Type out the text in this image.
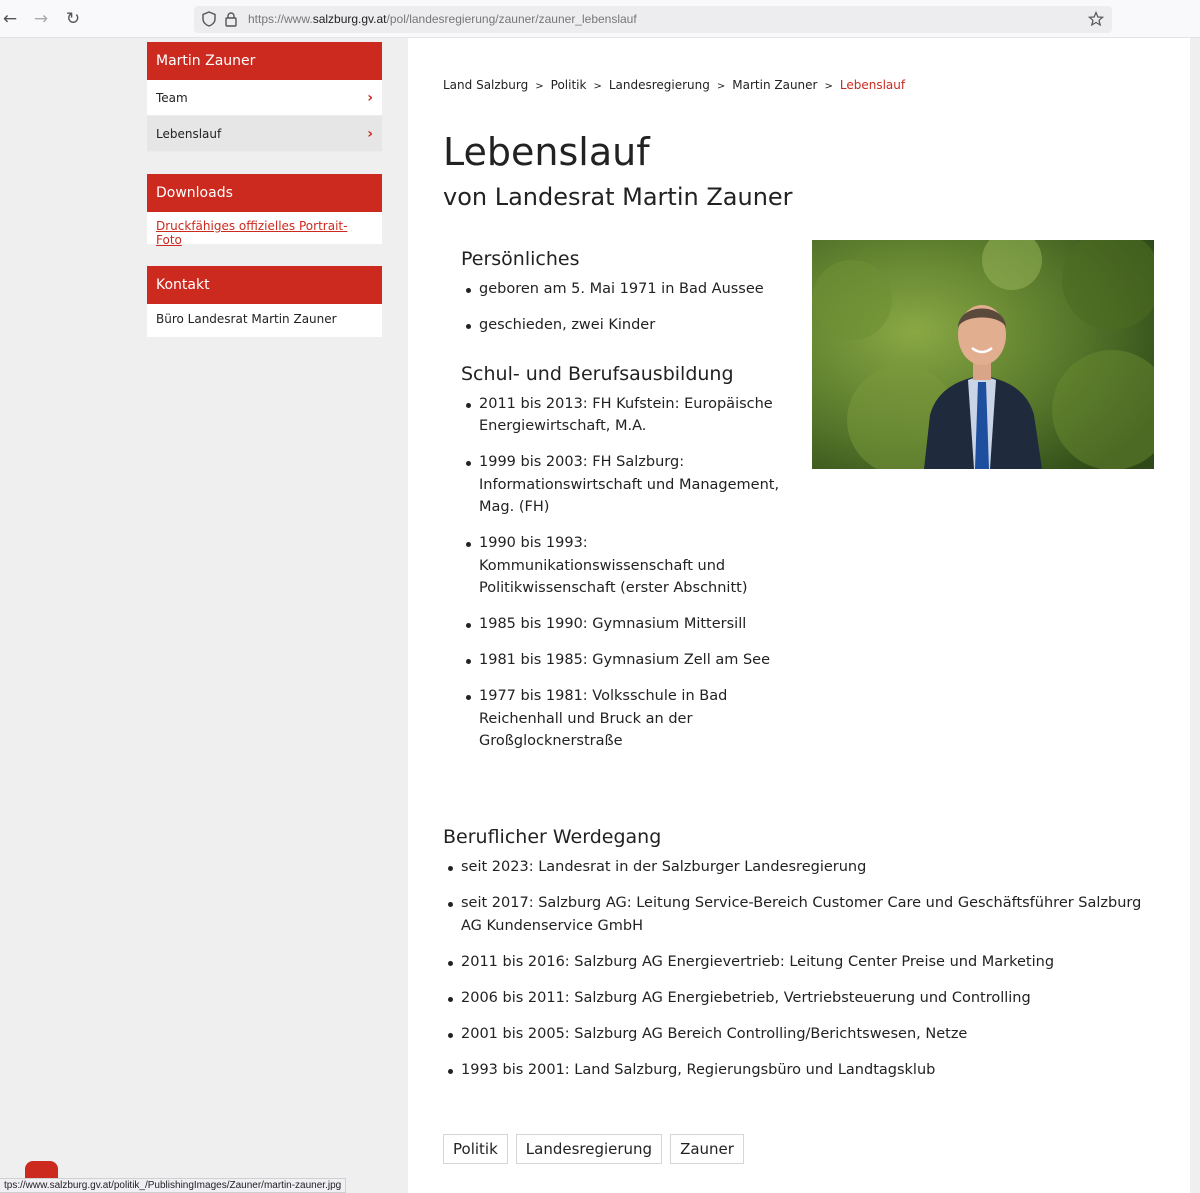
← → ↻	https://www.salzburg.gv.at/pol/landesregierung/zauner/zauner_lebenslauf
Martin Zauner
Team	›
Lebenslauf	›
Downloads
Druckfähiges offizielles Portrait-Foto
Kontakt
Büro Landesrat Martin Zauner
Land Salzburg > Politik > Landesregierung > Martin Zauner > Lebenslauf
Lebenslauf
von Landesrat Martin Zauner
Persönliches
geboren am 5. Mai 1971 in Bad Aussee
geschieden, zwei Kinder
Schul- und Berufsausbildung
2011 bis 2013: FH Kufstein: Europäische Energiewirtschaft, M.A.
1999 bis 2003: FH Salzburg: Informationswirtschaft und Management, Mag. (FH)
1990 bis 1993: Kommunikationswissenschaft und Politikwissenschaft (erster Abschnitt)
1985 bis 1990: Gymnasium Mittersill
1981 bis 1985: Gymnasium Zell am See
1977 bis 1981: Volksschule in Bad Reichenhall und Bruck an der Großglocknerstraße
Beruflicher Werdegang
seit 2023: Landesrat in der Salzburger Landesregierung
seit 2017: Salzburg AG: Leitung Service-Bereich Customer Care und Geschäftsführer Salzburg AG Kundenservice GmbH
2011 bis 2016: Salzburg AG Energievertrieb: Leitung Center Preise und Marketing
2006 bis 2011: Salzburg AG Energiebetrieb, Vertriebsteuerung und Controlling
2001 bis 2005: Salzburg AG Bereich Controlling/Berichtswesen, Netze
1993 bis 2001: Land Salzburg, Regierungsbüro und Landtagsklub
Politik	Landesregierung	Zauner
tps://www.salzburg.gv.at/politik_/PublishingImages/Zauner/martin-zauner.jpg
